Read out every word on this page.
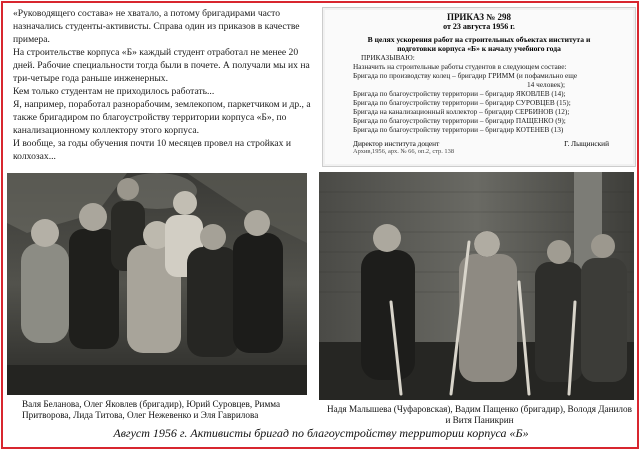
«Руководящего состава» не хватало, а потому бригадирами часто назначались студенты-активисты. Справа один из приказов в качестве примера.

На строительстве корпуса «Б» каждый студент отработал не менее 20 дней. Рабочие специальности тогда были в почете. А получали мы их на три-четыре года раньше инженерных.

Кем только студентам не приходилось работать...

Я, например, поработал разнорабочим, землекопом, паркетчиком и др., а также бригадиром по благоустройству территории корпуса «Б», по канализационному коллектору этого корпуса.

И вообще, за годы обучения почти 10 месяцев провел на стройках и колхозах...

ПРИКАЗ № 298
от 23 августа 1956 г.
В целях ускорения работ на строительных объектах института и
подготовки корпуса «Б» к началу учебного года
ПРИКАЗЫВАЮ:
Назначить на строительные работы студентов в следующем составе:
Бригада по производству колец – бригадир ГРИММ (и пофамильно еще
14 человек);
Бригада по благоустройству территории – бригадир ЯКОВЛЕВ (14);
Бригада по благоустройству территории – бригадир СУРОВЦЕВ (15);
Бригада на канализационный коллектор – бригадир СЕРБИНОВ (12);
Бригада по благоустройству территории – бригадир ПАЩЕНКО (9);
Бригада по благоустройству территории – бригадир КОТЕНЕВ (13)
Директор института доцент	Г. Лыщинский
Архив,1956, арх. № 66, оп.2, стр. 138
Валя Беланова, Олег Яковлев (бригадир), Юрий Суровцев, Римма Притворова, Лида Титова, Олег Нежевенко и Эля Гаврилова
Надя Малышева (Чуфаровская), Вадим Пащенко (бригадир), Володя Данилов и Витя Паникрин
Август 1956 г. Активисты бригад по благоустройству территории корпуса «Б»
